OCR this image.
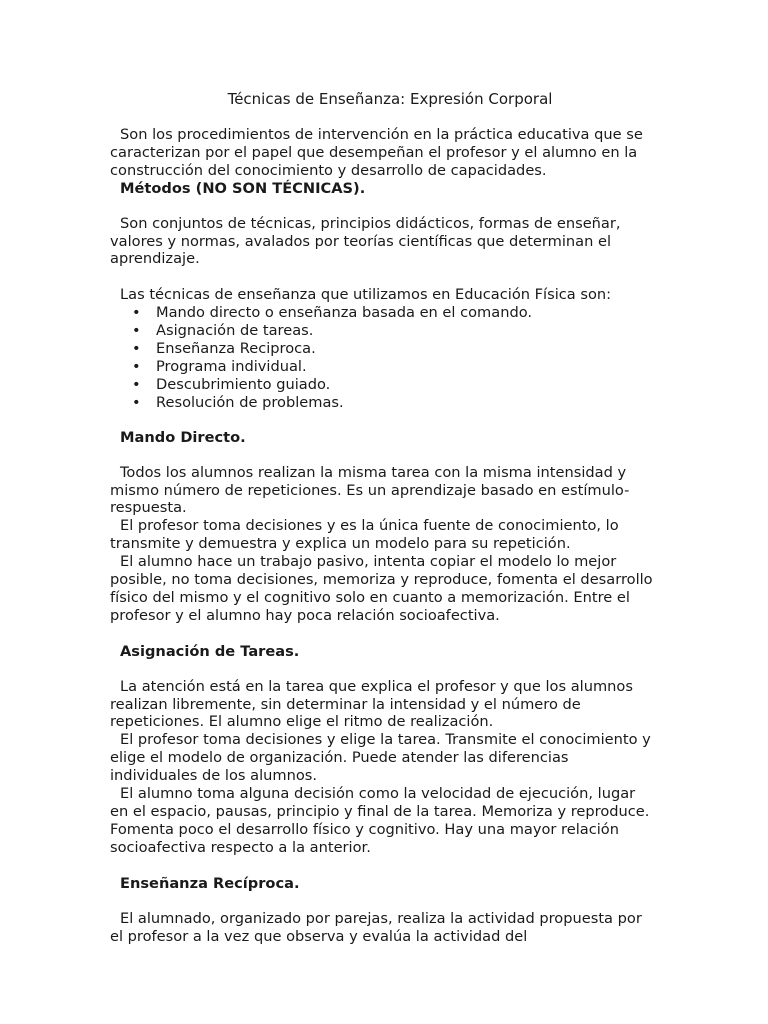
Técnicas de Enseñanza: Expresión Corporal

Son los procedimientos de intervención en la práctica educativa que se caracterizan por el papel que desempeñan el profesor y el alumno en la construcción del conocimiento y desarrollo de capacidades.

Métodos (NO SON TÉCNICAS).

Son conjuntos de técnicas, principios didácticos, formas de enseñar, valores y normas, avalados por teorías científicas que determinan el aprendizaje.

Las técnicas de enseñanza que utilizamos en Educación Física son:

• Mando directo o enseñanza basada en el comando.
• Asignación de tareas.
• Enseñanza Reciproca.
• Programa individual.
• Descubrimiento guiado.
• Resolución de problemas.
Mando Directo.

Todos los alumnos realizan la misma tarea con la misma intensidad y mismo número de repeticiones. Es un aprendizaje basado en estímulo-respuesta.

El profesor toma decisiones y es la única fuente de conocimiento, lo transmite y demuestra y explica un modelo para su repetición.

El alumno hace un trabajo pasivo, intenta copiar el modelo lo mejor posible, no toma decisiones, memoriza y reproduce, fomenta el desarrollo físico del mismo y el cognitivo solo en cuanto a memorización. Entre el profesor y el alumno hay poca relación socioafectiva.

Asignación de Tareas.

La atención está en la tarea que explica el profesor y que los alumnos realizan libremente, sin determinar la intensidad y el número de repeticiones. El alumno elige el ritmo de realización.

El profesor toma decisiones y elige la tarea. Transmite el conocimiento y elige el modelo de organización. Puede atender las diferencias individuales de los alumnos.

El alumno toma alguna decisión como la velocidad de ejecución, lugar en el espacio, pausas, principio y final de la tarea. Memoriza y reproduce. Fomenta poco el desarrollo físico y cognitivo. Hay una mayor relación socioafectiva respecto a la anterior.

Enseñanza Recíproca.

El alumnado, organizado por parejas, realiza la actividad propuesta por el profesor a la vez que observa y evalúa la actividad del
